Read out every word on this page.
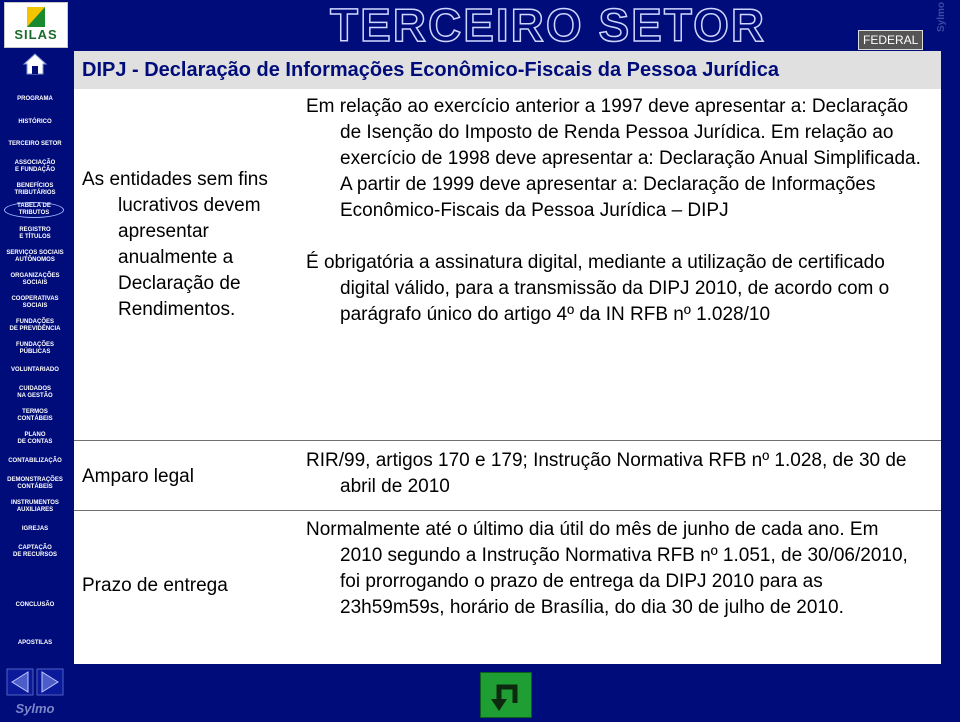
SILAS
PROGRAMA
HISTÓRICO
TERCEIRO SETOR
ASSOCIAÇÃO
E FUNDAÇÃO
BENEFÍCIOS
TRIBUTÁRIOS
TABELA DE
TRIBUTOS
REGISTRO
E TÍTULOS
SERVIÇOS SOCIAIS
AUTÔNOMOS
ORGANIZAÇÕES
SOCIAIS
COOPERATIVAS
SOCIAIS
FUNDAÇÕES
DE PREVIDÊNCIA
FUNDAÇÕES
PÚBLICAS
VOLUNTARIADO
CUIDADOS
NA GESTÃO
TERMOS
CONTÁBEIS
PLANO
DE CONTAS
CONTABILIZAÇÃO
DEMONSTRAÇÕES
CONTÁBEIS
INSTRUMENTOS
AUXILIARES
IGREJAS
CAPTAÇÃO
DE RECURSOS
CONCLUSÃO
APOSTILAS
Sylmo
TERCEIRO SETOR	FEDERAL
Sylmo
DIPJ - Declaração de Informações Econômico-Fiscais da Pessoa Jurídica
As entidades sem fins lucrativos devem apresentar anualmente a Declaração de Rendimentos.

Em relação ao exercício anterior a 1997 deve apresentar a: Declaração de Isenção do Imposto de Renda Pessoa Jurídica. Em relação ao exercício de 1998 deve apresentar a: Declaração Anual Simplificada. A partir de 1999 deve apresentar a: Declaração de Informações Econômico-Fiscais da Pessoa Jurídica – DIPJ

É obrigatória a assinatura digital, mediante a utilização de certificado digital válido, para a transmissão da DIPJ 2010, de acordo com o parágrafo único do artigo 4º da IN RFB nº 1.028/10

Amparo legal

RIR/99, artigos 170 e 179; Instrução Normativa RFB nº 1.028, de 30 de abril de 2010

Prazo de entrega

Normalmente até o último dia útil do mês de junho de cada ano. Em 2010 segundo a Instrução Normativa RFB nº 1.051, de 30/06/2010, foi prorrogando o prazo de entrega da DIPJ 2010 para as 23h59m59s, horário de Brasília, do dia 30 de julho de 2010.
